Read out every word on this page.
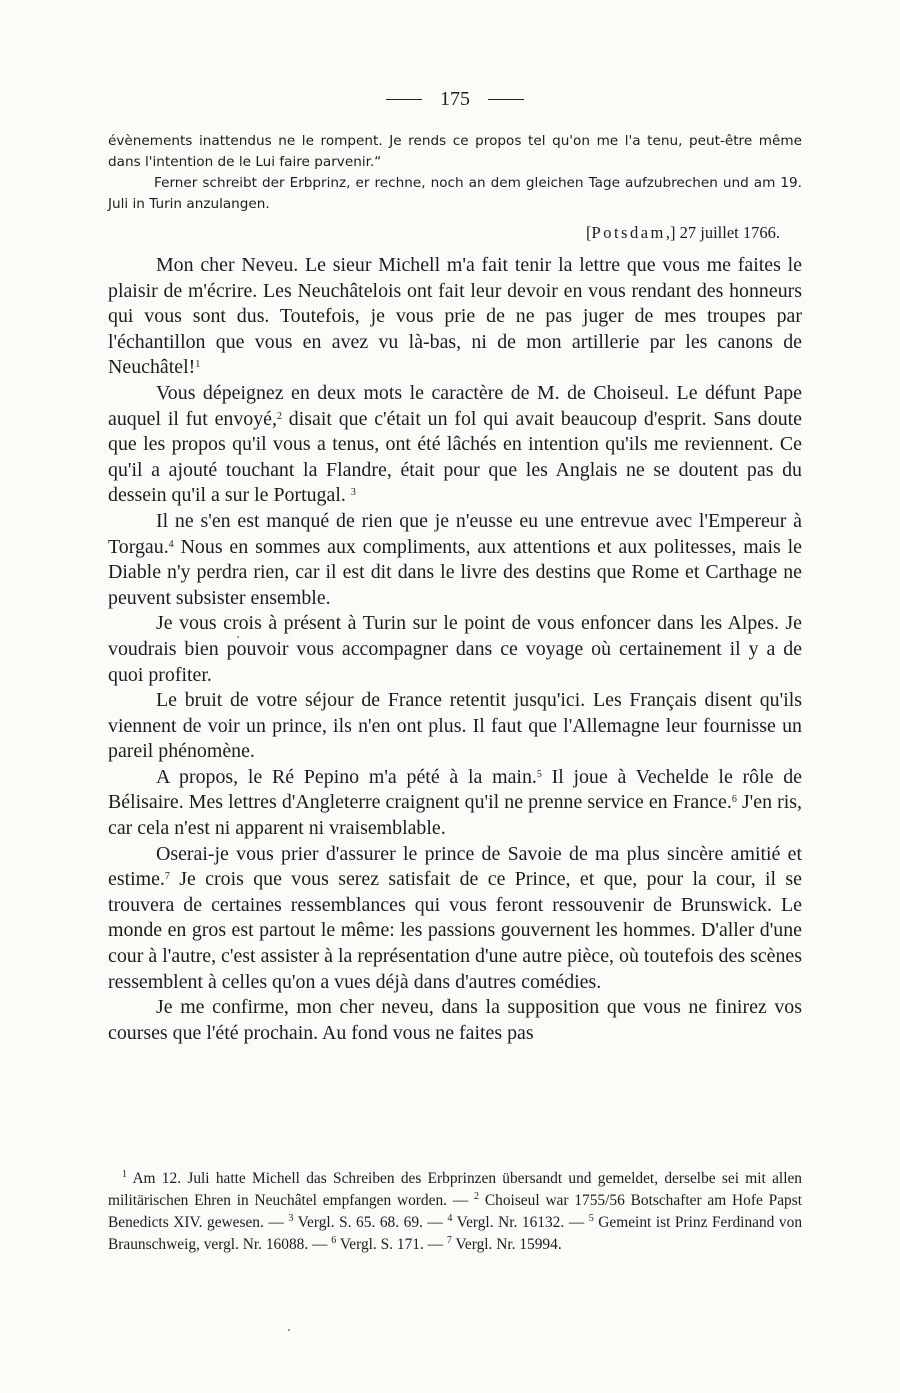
175

évènements inattendus ne le rompent. Je rends ce propos tel qu'on me l'a tenu, peut-être même dans l'intention de le Lui faire parvenir.“

Ferner schreibt der Erbprinz, er rechne, noch an dem gleichen Tage aufzubrechen und am 19. Juli in Turin anzulangen.

[Potsdam,] 27 juillet 1766.

Mon cher Neveu. Le sieur Michell m'a fait tenir la lettre que vous me faites le plaisir de m'écrire. Les Neuchâtelois ont fait leur devoir en vous rendant des honneurs qui vous sont dus. Toutefois, je vous prie de ne pas juger de mes troupes par l'échantillon que vous en avez vu là-bas, ni de mon artillerie par les canons de Neuchâtel!$^1$

Vous dépeignez en deux mots le caractère de M. de Choiseul. Le défunt Pape auquel il fut envoyé,$^2$ disait que c'était un fol qui avait beaucoup d'esprit. Sans doute que les propos qu'il vous a tenus, ont été lâchés en intention qu'ils me reviennent. Ce qu'il a ajouté touchant la Flandre, était pour que les Anglais ne se doutent pas du dessein qu'il a sur le Portugal. $^3$

Il ne s'en est manqué de rien que je n'eusse eu une entrevue avec l'Empereur à Torgau.$^4$ Nous en sommes aux compliments, aux attentions et aux politesses, mais le Diable n'y perdra rien, car il est dit dans le livre des destins que Rome et Carthage ne peuvent subsister ensemble.

Je vous crois à présent à Turin sur le point de vous enfoncer dans les Alpes. Je voudrais bien pouvoir vous accompagner dans ce voyage où certainement il y a de quoi profiter.

Le bruit de votre séjour de France retentit jusqu'ici. Les Français disent qu'ils viennent de voir un prince, ils n'en ont plus. Il faut que l'Allemagne leur fournisse un pareil phénomène.

A propos, le Ré Pepino m'a pété à la main.$^5$ Il joue à Vechelde le rôle de Bélisaire. Mes lettres d'Angleterre craignent qu'il ne prenne service en France.$^6$ J'en ris, car cela n'est ni apparent ni vraisemblable.

Oserai-je vous prier d'assurer le prince de Savoie de ma plus sincère amitié et estime.$^7$ Je crois que vous serez satisfait de ce Prince, et que, pour la cour, il se trouvera de certaines ressemblances qui vous feront ressouvenir de Brunswick. Le monde en gros est partout le même: les passions gouvernent les hommes. D'aller d'une cour à l'autre, c'est assister à la représentation d'une autre pièce, où toutefois des scènes ressemblent à celles qu'on a vues déjà dans d'autres comédies.

Je me confirme, mon cher neveu, dans la supposition que vous ne finirez vos courses que l'été prochain. Au fond vous ne faites pas

$^1$ Am 12. Juli hatte Michell das Schreiben des Erbprinzen übersandt und gemeldet, derselbe sei mit allen militärischen Ehren in Neuchâtel empfangen worden. — $^2$ Choiseul war 1755/56 Botschafter am Hofe Papst Benedicts XIV. gewesen. — $^3$ Vergl. S. 65. 68. 69. — $^4$ Vergl. Nr. 16132. — $^5$ Gemeint ist Prinz Ferdinand von Braunschweig, vergl. Nr. 16088. — $^6$ Vergl. S. 171. — $^7$ Vergl. Nr. 15994.
